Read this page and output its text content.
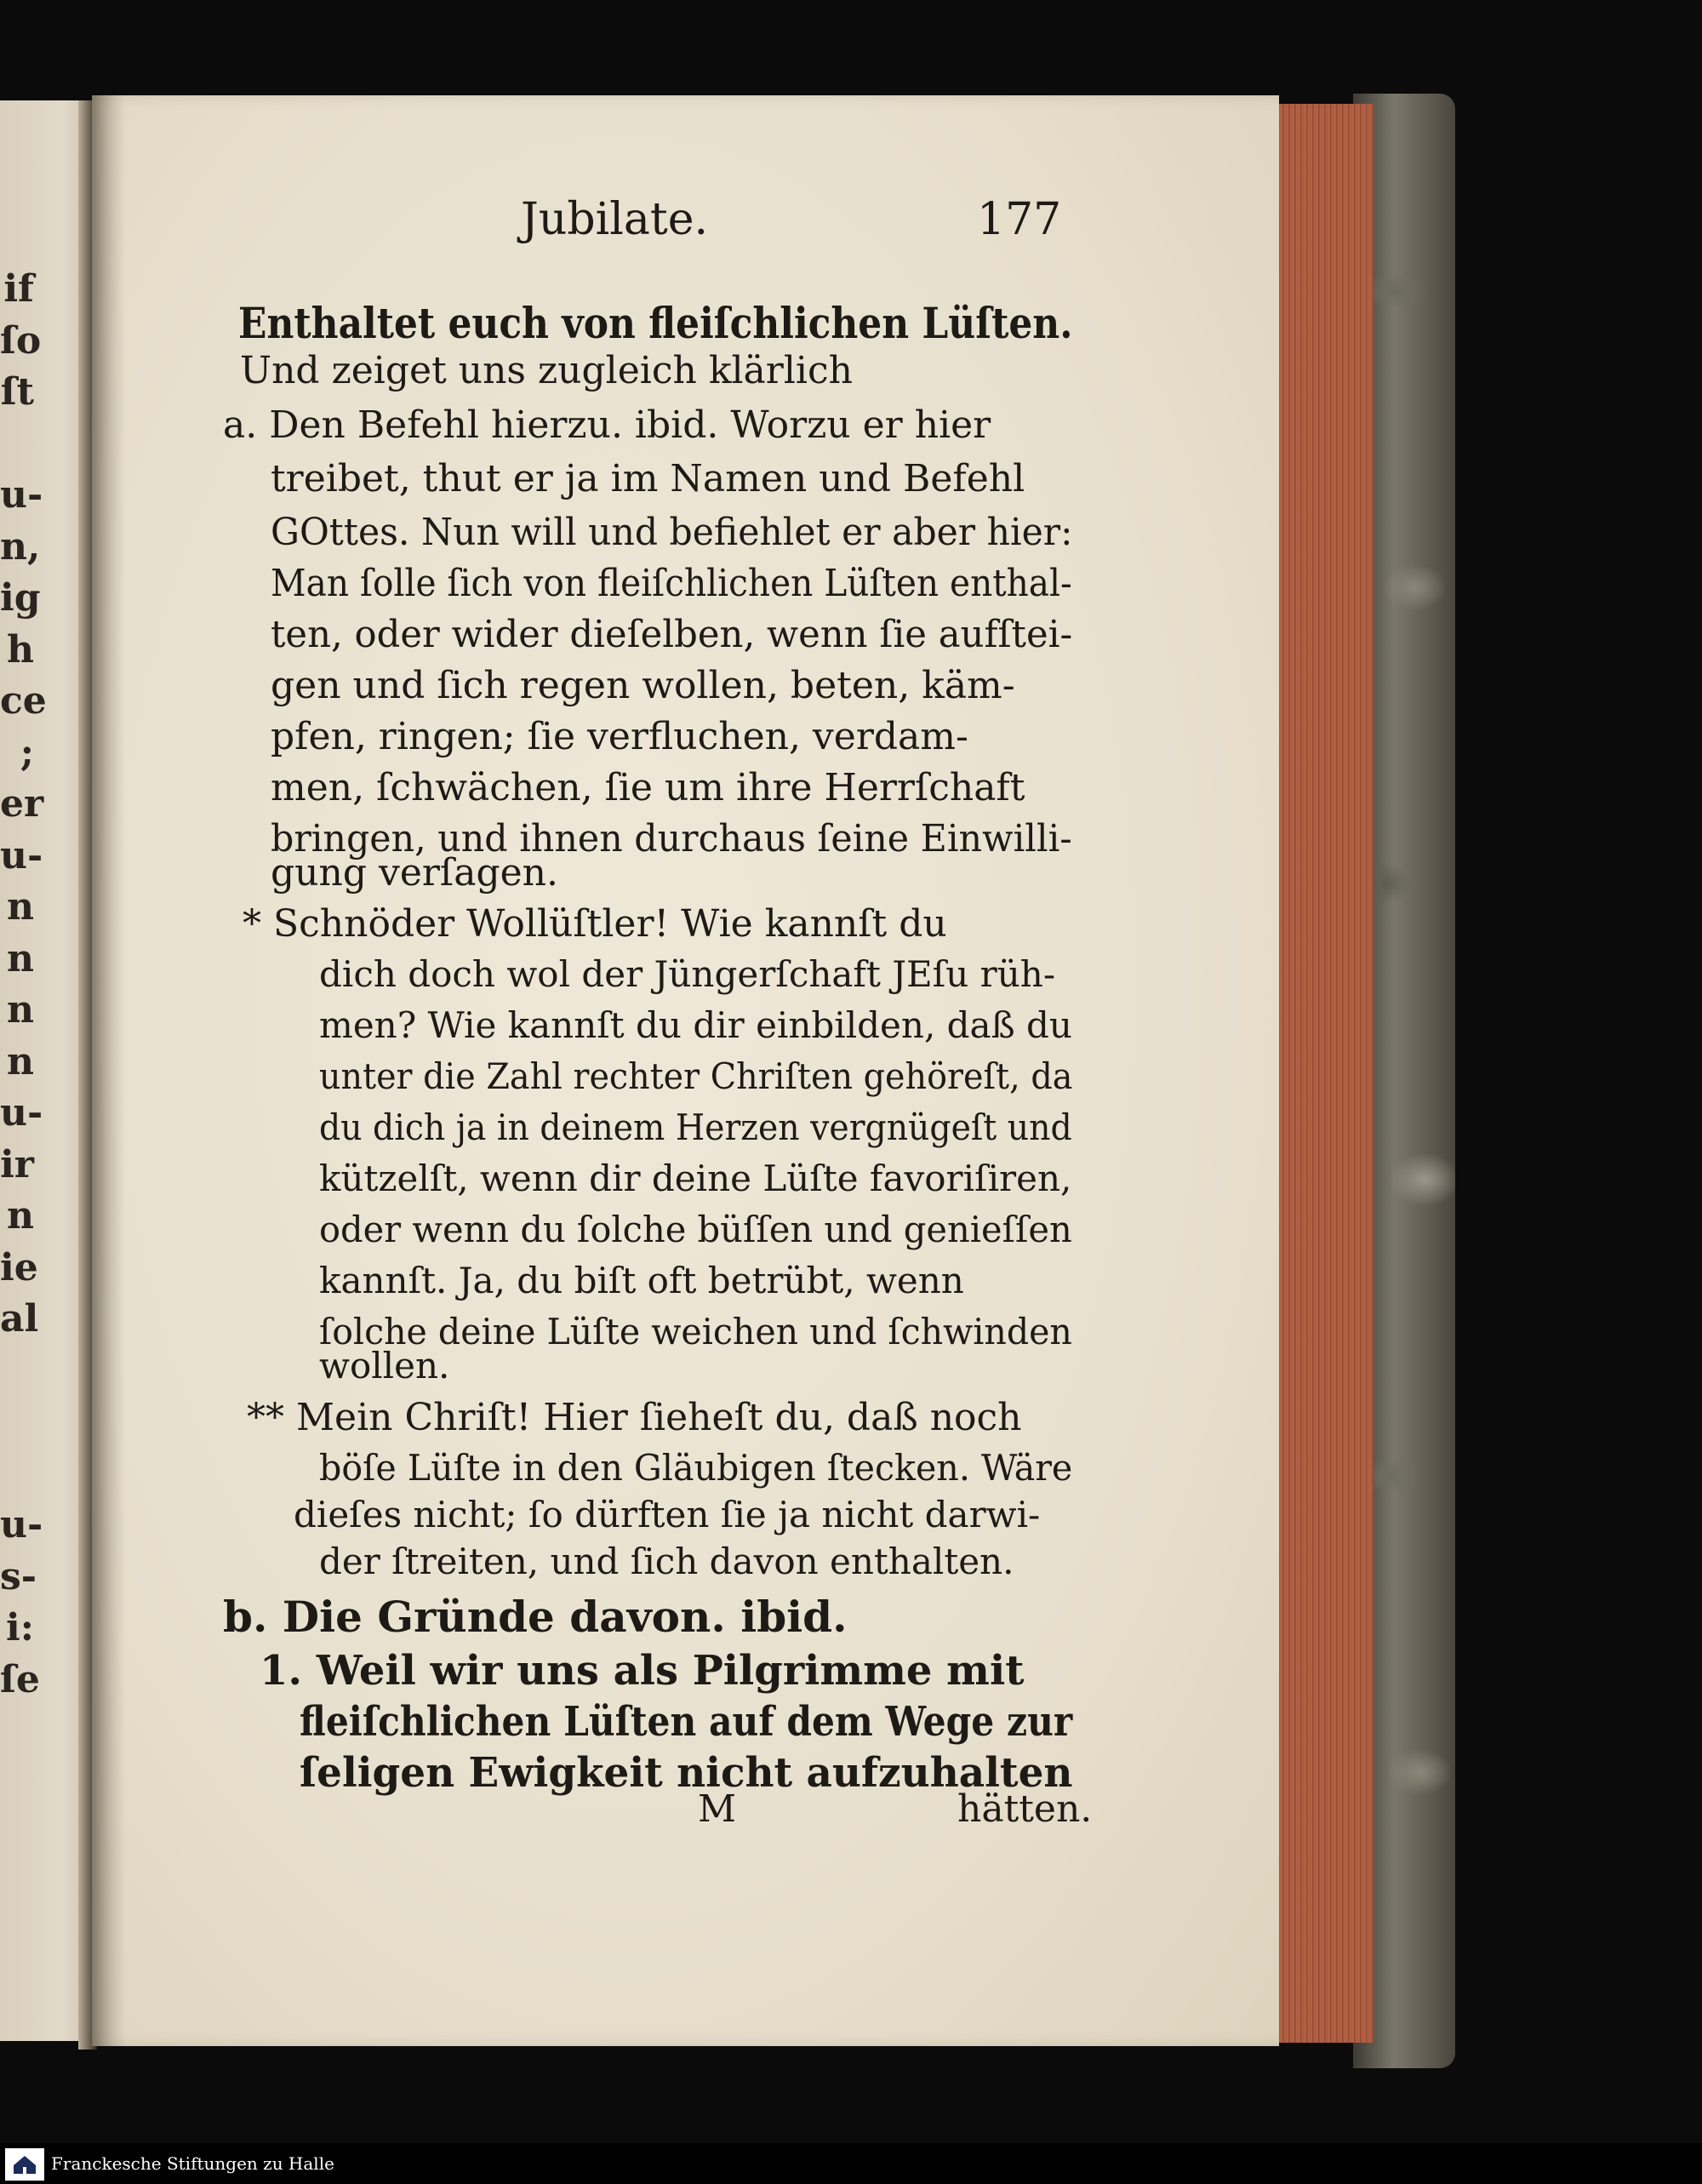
if
ſo
ſt
u-
n,
ig
h
ce
;
er
u-
n
n
n
n
u-
ir
n
ie
al
u-
s-
i:
ſe
Jubilate.	177
Enthaltet euch von fleiſchlichen Lüſten.
Und zeiget uns zugleich klärlich
a. Den Befehl hierzu. ibid. Worzu er hier
treibet, thut er ja im Namen und Befehl
GOttes. Nun will und befiehlet er aber hier:
Man ſolle ſich von fleiſchlichen Lüſten enthal-
ten, oder wider dieſelben, wenn ſie aufſtei-
gen und ſich regen wollen, beten, käm-
pfen, ringen; ſie verfluchen, verdam-
men, ſchwächen, ſie um ihre Herrſchaft
bringen, und ihnen durchaus ſeine Einwilli-
gung verſagen.
* Schnöder Wollüſtler! Wie kannſt du
dich doch wol der Jüngerſchaft JEſu rüh-
men? Wie kannſt du dir einbilden, daß du
unter die Zahl rechter Chriſten gehöreſt, da
du dich ja in deinem Herzen vergnügeſt und
kützelſt, wenn dir deine Lüſte favoriſiren,
oder wenn du ſolche büſſen und genieſſen
kannſt. Ja, du biſt oft betrübt, wenn
ſolche deine Lüſte weichen und ſchwinden
wollen.
** Mein Chriſt! Hier ſieheſt du, daß noch
böſe Lüſte in den Gläubigen ſtecken. Wäre
dieſes nicht; ſo dürften ſie ja nicht darwi-
der ſtreiten, und ſich davon enthalten.
b. Die Gründe davon. ibid.
1. Weil wir uns als Pilgrimme mit
fleiſchlichen Lüſten auf dem Wege zur
ſeligen Ewigkeit nicht aufzuhalten
M	hätten.
Franckesche Stiftungen zu Halle
